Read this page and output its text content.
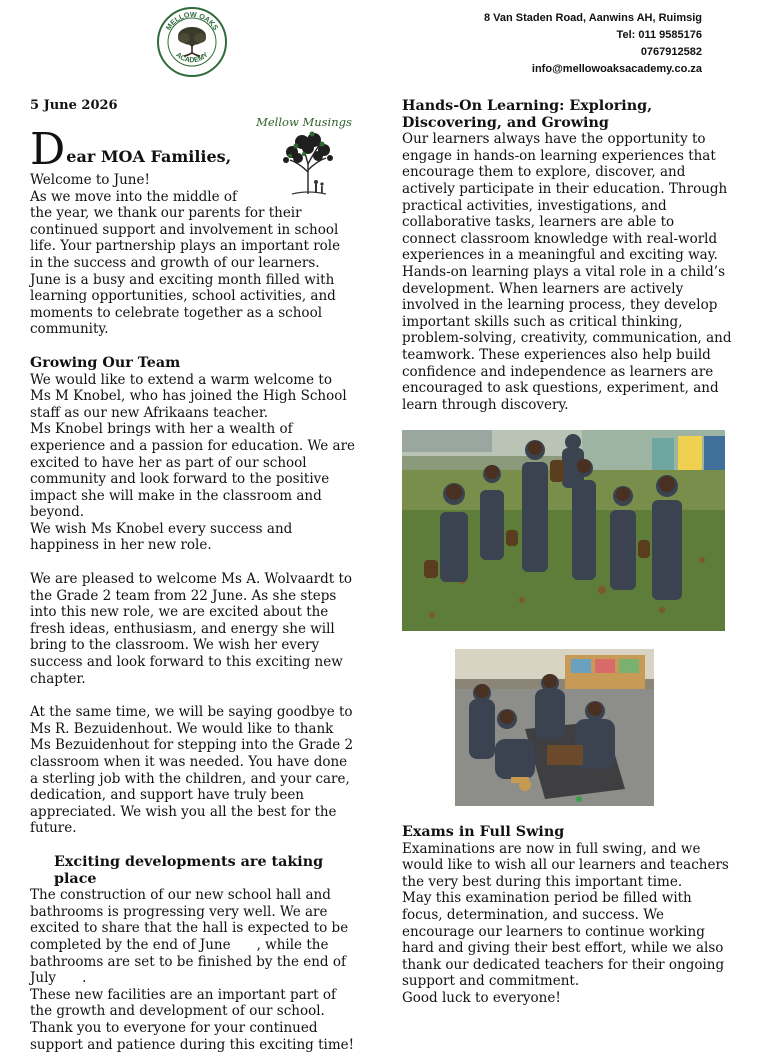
MELLOW OAKS
ACADEMY
8 Van Staden Road, Aanwins AH, Ruimsig
Tel: 011 9585176
0767912582
info@mellowoaksacademy.co.za
5 June 2026
Mellow Musings
D ear MOA Families,

Welcome to June!

As we move into the middle of

the year, we thank our parents for their continued support and involvement in school life. Your partnership plays an important role in the success and growth of our learners.

June is a busy and exciting month filled with learning opportunities, school activities, and moments to celebrate together as a school community.

Growing Our Team

We would like to extend a warm welcome to Ms M Knobel, who has joined the High School staff as our new Afrikaans teacher.

Ms Knobel brings with her a wealth of experience and a passion for education. We are excited to have her as part of our school community and look forward to the positive impact she will make in the classroom and beyond.

We wish Ms Knobel every success and happiness in her new role.

We are pleased to welcome Ms A. Wolvaardt to the Grade 2 team from 22 June. As she steps into this new role, we are excited about the fresh ideas, enthusiasm, and energy she will bring to the classroom. We wish her every success and look forward to this exciting new chapter.

At the same time, we will be saying goodbye to Ms R. Bezuidenhout. We would like to thank Ms Bezuidenhout for stepping into the Grade 2 classroom when it was needed. You have done a sterling job with the children, and your care, dedication, and support have truly been appreciated. We wish you all the best for the future.

Exciting developments are taking place

The construction of our new school hall and bathrooms is progressing very well. We are excited to share that the hall is expected to be completed by the end of June , while the bathrooms are set to be finished by the end of July .

These new facilities are an important part of the growth and development of our school. Thank you to everyone for your continued support and patience during this exciting time!

Hands-On Learning: Exploring, Discovering, and Growing

Our learners always have the opportunity to engage in hands-on learning experiences that encourage them to explore, discover, and actively participate in their education. Through practical activities, investigations, and collaborative tasks, learners are able to connect classroom knowledge with real-world experiences in a meaningful and exciting way.

Hands-on learning plays a vital role in a child’s development. When learners are actively involved in the learning process, they develop important skills such as critical thinking, problem-solving, creativity, communication, and teamwork. These experiences also help build confidence and independence as learners are encouraged to ask questions, experiment, and learn through discovery.

Exams in Full Swing

Examinations are now in full swing, and we would like to wish all our learners and teachers the very best during this important time.

May this examination period be filled with focus, determination, and success. We encourage our learners to continue working hard and giving their best effort, while we also thank our dedicated teachers for their ongoing support and commitment.

Good luck to everyone!
